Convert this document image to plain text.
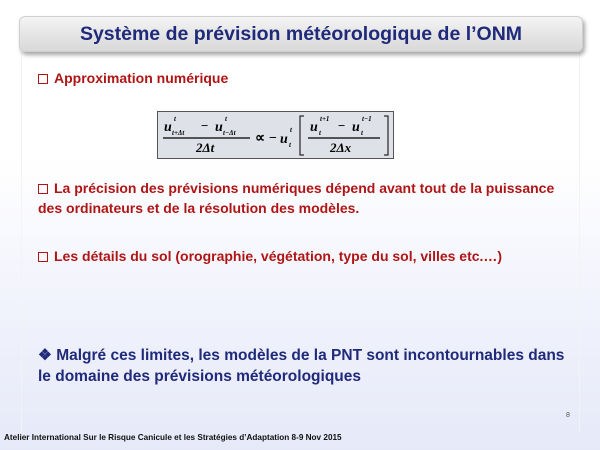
Système de prévision météorologique de l’ONM
Approximation numérique
u
t
t+Δt − u
t
t−Δt
2Δt
∝ − u
t
t
u
t+1
t − u
t−1
t
2Δx
La précision des prévisions numériques dépend avant tout de la puissance des ordinateurs et de la résolution des modèles.
Les détails du sol (orographie, végétation, type du sol, villes etc.…)
❖ Malgré ces limites, les modèles de la PNT sont incontournables dans le domaine des prévisions météorologiques
8
Atelier International Sur le Risque Canicule et les Stratégies d’Adaptation 8-9 Nov 2015
